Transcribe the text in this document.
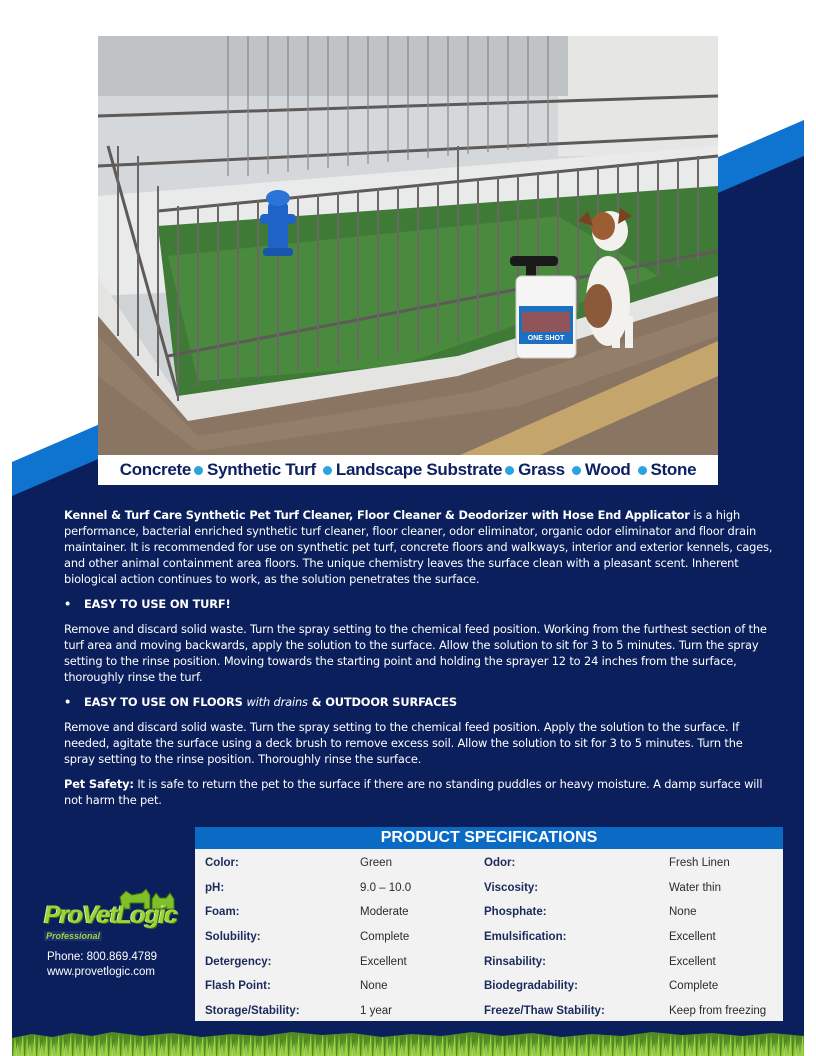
ONE SHOT
Concrete Synthetic Turf Landscape Substrate Grass Wood Stone

Kennel & Turf Care Synthetic Pet Turf Cleaner, Floor Cleaner & Deodorizer with Hose End Applicator is a high performance, bacterial enriched synthetic turf cleaner, floor cleaner, odor eliminator, organic odor eliminator and floor drain maintainer. It is recommended for use on synthetic pet turf, concrete floors and walkways, interior and exterior kennels, cages, and other animal containment area floors. The unique chemistry leaves the surface clean with a pleasant scent. Inherent biological action continues to work, as the solution penetrates the surface.

•	EASY TO USE ON TURF!

Remove and discard solid waste. Turn the spray setting to the chemical feed position. Working from the furthest section of the turf area and moving backwards, apply the solution to the surface. Allow the solution to sit for 3 to 5 minutes. Turn the spray setting to the rinse position. Moving towards the starting point and holding the sprayer 12 to 24 inches from the surface, thoroughly rinse the turf.

•	EASY TO USE ON FLOORS with drains & OUTDOOR SURFACES

Remove and discard solid waste. Turn the spray setting to the chemical feed position. Apply the solution to the surface. If needed, agitate the surface using a deck brush to remove excess soil. Allow the solution to sit for 3 to 5 minutes. Turn the spray setting to the rinse position. Thoroughly rinse the surface.

Pet Safety: It is safe to return the pet to the surface if there are no standing puddles or heavy moisture. A damp surface will not harm the pet.

ProVetLogic
Professional
Phone: 800.869.4789
www.provetlogic.com
PRODUCT SPECIFICATIONS
Color:	Green	Odor:	Fresh Linen
pH:	9.0 – 10.0	Viscosity:	Water thin
Foam:	Moderate	Phosphate:	None
Solubility:	Complete	Emulsification:	Excellent
Detergency:	Excellent	Rinsability:	Excellent
Flash Point:	None	Biodegradability:	Complete
Storage/Stability:	1 year	Freeze/Thaw Stability:	Keep from freezing
